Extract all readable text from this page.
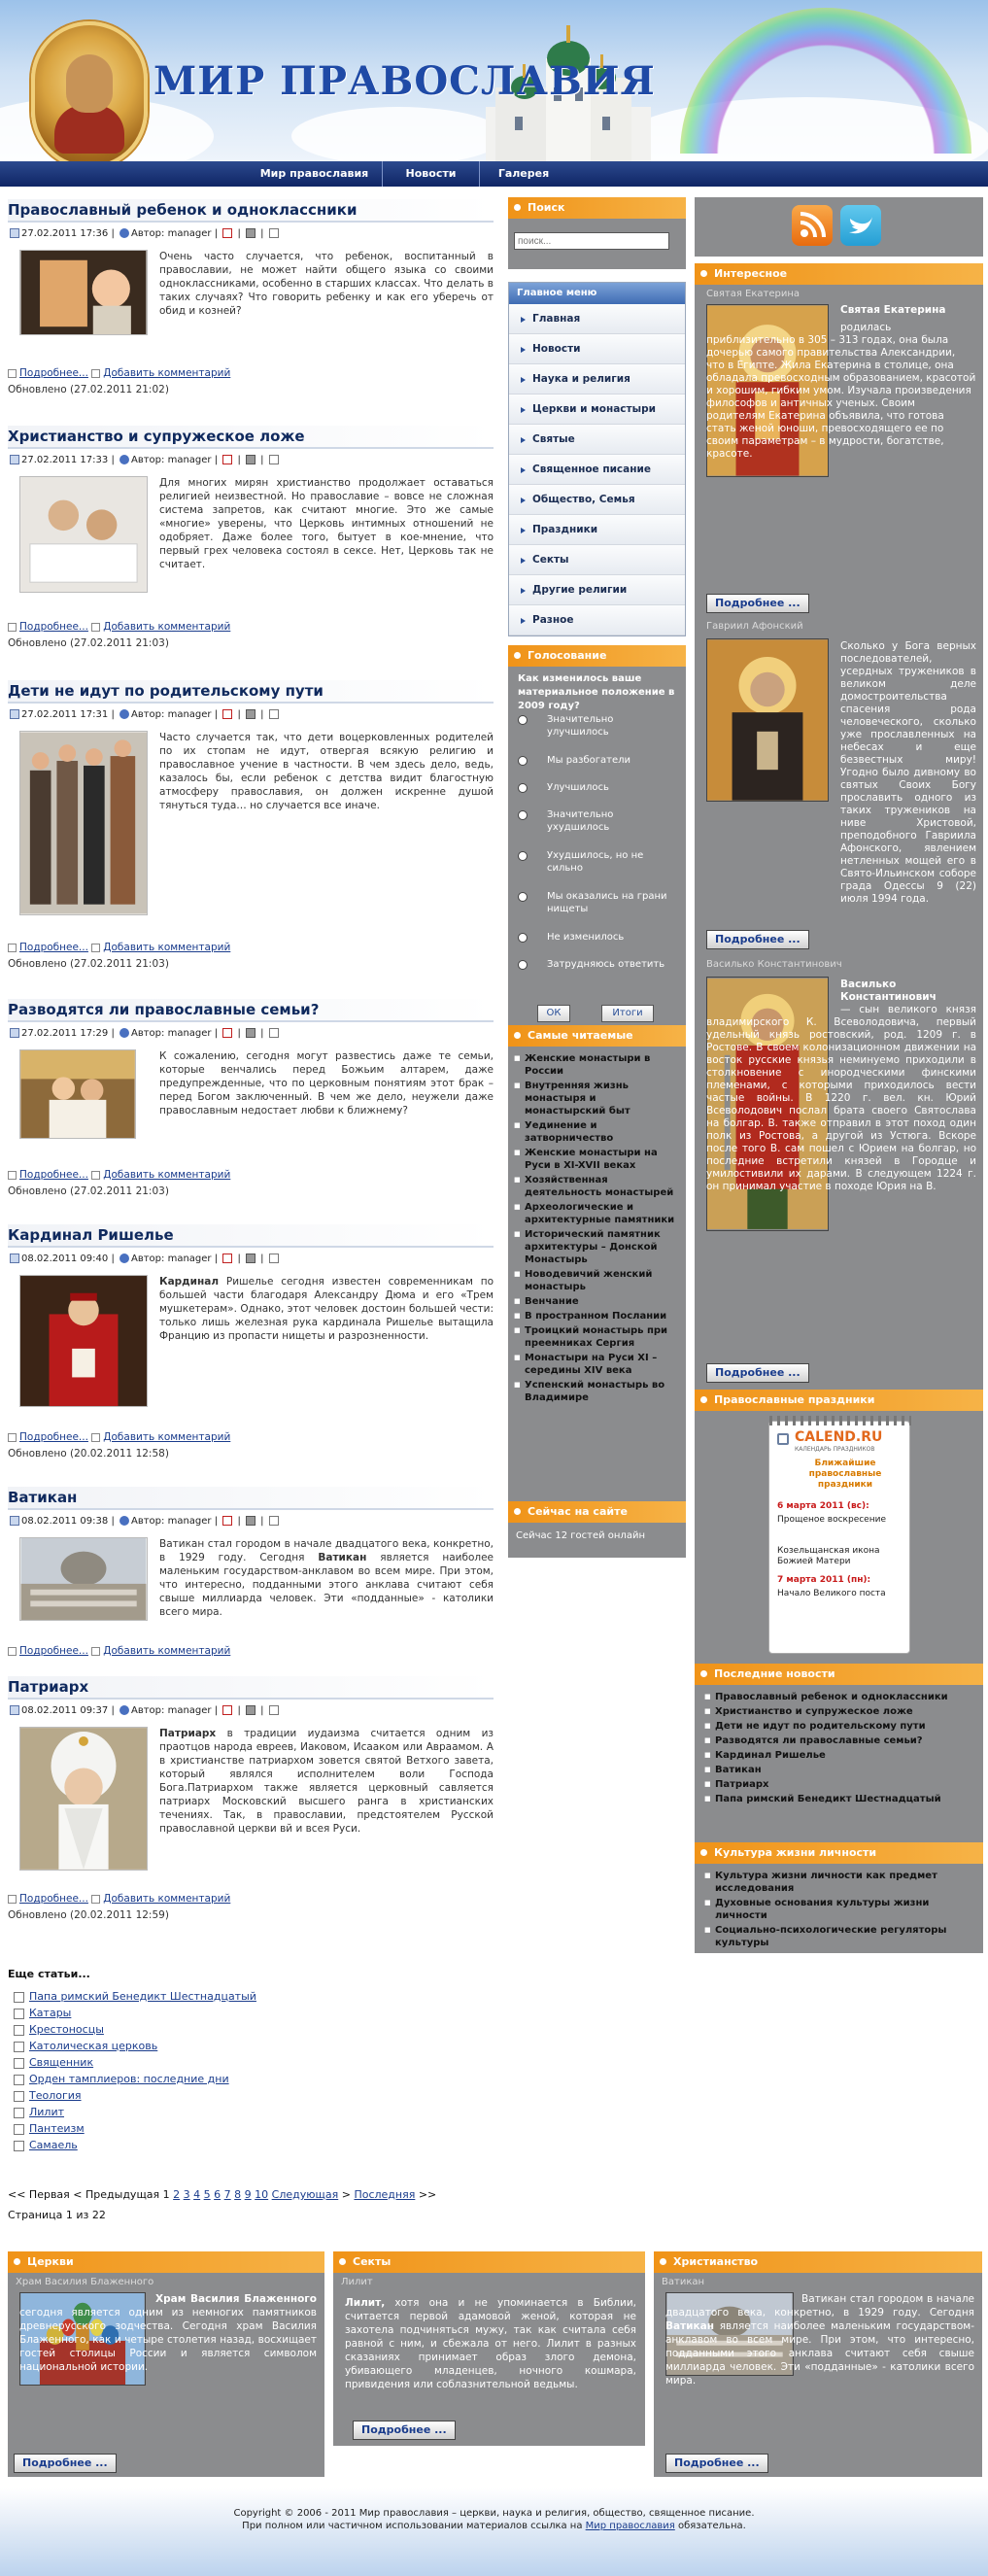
МИР ПРАВОСЛАВИЯ
Мир православия	Новости	Галерея
Православный ребенок и одноклассники
27.02.2011 17:36 | Автор: manager |  |  |
Очень часто случается, что ребенок, воспитанный в православии, не может найти общего языка со своими одноклассниками, особенно в старших классах. Что делать в таких случаях? Что говорить ребенку и как его уберечь от обид и козней?
Подробнее... Добавить комментарий
Обновлено (27.02.2011 21:02)
Христианство и супружеское ложе
27.02.2011 17:33 | Автор: manager |  |  |
Для многих мирян христианство продолжает оставаться религией неизвестной. Но православие – вовсе не сложная система запретов, как считают многие. Это же самые «многие» уверены, что Церковь интимных отношений не одобряет. Даже более того, бытует в кое-мнение, что первый грех человека состоял в сексе. Нет, Церковь так не считает.
Подробнее... Добавить комментарий
Обновлено (27.02.2011 21:03)
Дети не идут по родительскому пути
27.02.2011 17:31 | Автор: manager |  |  |
Часто случается так, что дети воцерковленных родителей по их стопам не идут, отвергая всякую религию и православное учение в частности. В чем здесь дело, ведь, казалось бы, если ребенок с детства видит благостную атмосферу православия, он должен искренне душой тянуться туда… но случается все иначе.
Подробнее... Добавить комментарий
Обновлено (27.02.2011 21:03)
Разводятся ли православные семьи?
27.02.2011 17:29 | Автор: manager |  |  |
К сожалению, сегодня могут развестись даже те семьи, которые венчались перед Божьим алтарем, даже предупрежденные, что по церковным понятиям этот брак – перед Богом заключенный. В чем же дело, неужели даже православным недостает любви к ближнему?
Подробнее... Добавить комментарий
Обновлено (27.02.2011 21:03)
Кардинал Ришелье
08.02.2011 09:40 | Автор: manager |  |  |
Кардинал Ришелье сегодня известен современникам по большей части благодаря Александру Дюма и его «Трем мушкетерам». Однако, этот человек достоин большей чести: только лишь железная рука кардинала Ришелье вытащила Францию из пропасти нищеты и разрозненности.
Подробнее... Добавить комментарий
Обновлено (20.02.2011 12:58)
Ватикан
08.02.2011 09:38 | Автор: manager |  |  |
Ватикан стал городом в начале двадцатого века, конкретно, в 1929 году. Сегодня Ватикан является наиболее маленьким государством-анклавом во всем мире. При этом, что интересно, подданными этого анклава считают себя свыше миллиарда человек. Эти «подданные» - католики всего мира.
Подробнее... Добавить комментарий
Патриарх
08.02.2011 09:37 | Автор: manager |  |  |
Патриарх в традиции иудаизма считается одним из праотцов народа евреев, Иаковом, Исааком или Авраамом. А в христианстве патриархом зовется святой Ветхого завета, который являлся исполнителем воли Господа Бога.Патриархом также является церковный савляется патриарх Московский высшего ранга в христианских течениях. Так, в православии, предстоятелем Русской православной церкви вй и всея Руси.
Подробнее... Добавить комментарий
Обновлено (20.02.2011 12:59)
Еще статьи...
Папа римский Бенедикт Шестнадцатый
Катары
Крестоносцы
Католическая церковь
Священник
Орден тамплиеров: последние дни
Теология
Лилит
Пантеизм
Самаель
<< Первая < Предыдущая 1 2 3 4 5 6 7 8 9 10 Следующая > Последняя >>
Страница 1 из 22
Поиск
поиск...
Главное меню
Главная
Новости
Наука и религия
Церкви и монастыри
Святые
Священное писание
Общество, Семья
Праздники
Секты
Другие религии
Разное
Голосование
Как изменилось ваше материальное положение в 2009 году?
Значительно улучшилось
Мы разбогатели
Улучшилось
Значительно ухудшилось
Ухудшилось, но не сильно
Мы оказались на грани нищеты
Не изменилось
Затрудняюсь ответить
ОК	Итоги
Самые читаемые
■ Женские монастыри в России
■ Внутренняя жизнь монастыря и монастырский быт
■ Уединение и затворничество
■ Женские монастыри на Руси в XI-XVII веках
■ Хозяйственная деятельность монастырей
■ Археологические и архитектурные памятники
■ Исторический памятник архитектуры – Донской Монастырь
■ Новодевичий женский монастырь
■ Венчание
■ В пространном Послании
■ Троицкий монастырь при преемниках Сергия
■ Монастыри на Руси XI – середины XIV века
■ Успенский монастырь во Владимире
Сейчас на сайте
Сейчас 12 гостей онлайн
Интересное
Святая Екатерина
Святая Екатерина
родилась приблизительно в 305 – 313 годах, она была дочерью самого правительства Александрии, что в Египте. Жила Екатерина в столице, она обладала превосходным образованием, красотой и хорошим, гибким умом. Изучала произведения философов и античных ученых. Своим родителям Екатерина объявила, что готова стать женой юноши, превосходящего ее по своим параметрам – в мудрости, богатстве, красоте.
Подробнее ...
Гавриил Афонский
Сколько у Бога верных последователей, усердных тружеников в великом деле домостроительства спасения рода человеческого, сколько уже прославленных на небесах и еще безвестных миру! Угодно было дивному во святых Своих Богу прославить одного из таких тружеников на ниве Христовой, преподобного Гавриила Афонского, явлением нетленных мощей его в Свято-Ильинском соборе града Одессы 9 (22) июля 1994 года.
Подробнее ...
Василько Константинович
Василько Константинович
— сын великого князя владимирского К. Всеволодовича, первый удельный князь ростовский, род. 1209 г. в Ростове. В своем колонизационном движении на восток русские князья неминуемо приходили в столкновение с инородческими финскими племенами, с которыми приходилось вести частые войны. В 1220 г. вел. кн. Юрий Всеволодович послал брата своего Святослава на болгар. В. также отправил в этот поход один полк из Ростова, а другой из Устюга. Вскоре после того В. сам пошел с Юрием на болгар, но последние встретили князей в Городце и умилостивили их дарами. В следующем 1224 г. он принимал участие в походе Юрия на В.
Подробнее ...
Православные праздники
CALEND.RU
КАЛЕНДАРЬ ПРАЗДНИКОВ
Ближайшие православные праздники
6 марта 2011 (вс):
Прощеное воскресение
Козельщанская икона Божией Матери
7 марта 2011 (пн):
Начало Великого поста
Последние новости
■ Православный ребенок и одноклассники
■ Христианство и супружеское ложе
■ Дети не идут по родительскому пути
■ Разводятся ли православные семьи?
■ Кардинал Ришелье
■ Ватикан
■ Патриарх
■ Папа римский Бенедикт Шестнадцатый
Культура жизни личности
■ Культура жизни личности как предмет исследования
■ Духовные основания культуры жизни личности
■ Социально-психологические регуляторы культуры
Церкви
Храм Василия Блаженного
Храм Василия Блаженного сегодня является одним из немногих памятников древнерусского зодчества. Сегодня храм Василия Блаженного, как и четыре столетия назад, восхищает гостей столицы России и является символом национальной истории.
Подробнее ...
Секты
Лилит
Лилит, хотя она и не упоминается в Библии, считается первой адамовой женой, которая не захотела подчиняться мужу, так как считала себя равной с ним, и сбежала от него. Лилит в разных сказаниях принимает образ злого демона, убивающего младенцев, ночного кошмара, привидения или соблазнительной ведьмы.
Подробнее ...
Христианство
Ватикан
Ватикан стал городом в начале двадцатого века, конкретно, в 1929 году. Сегодня Ватикан является наиболее маленьким государством-анклавом во всем мире. При этом, что интересно, подданными этого анклава считают себя свыше миллиарда человек. Эти «подданные» - католики всего мира.
Подробнее ...
Copyright © 2006 - 2011 Мир православия – церкви, наука и религия, общество, священное писание.
При полном или частичном использовании материалов ссылка на Мир православия обязательна.
